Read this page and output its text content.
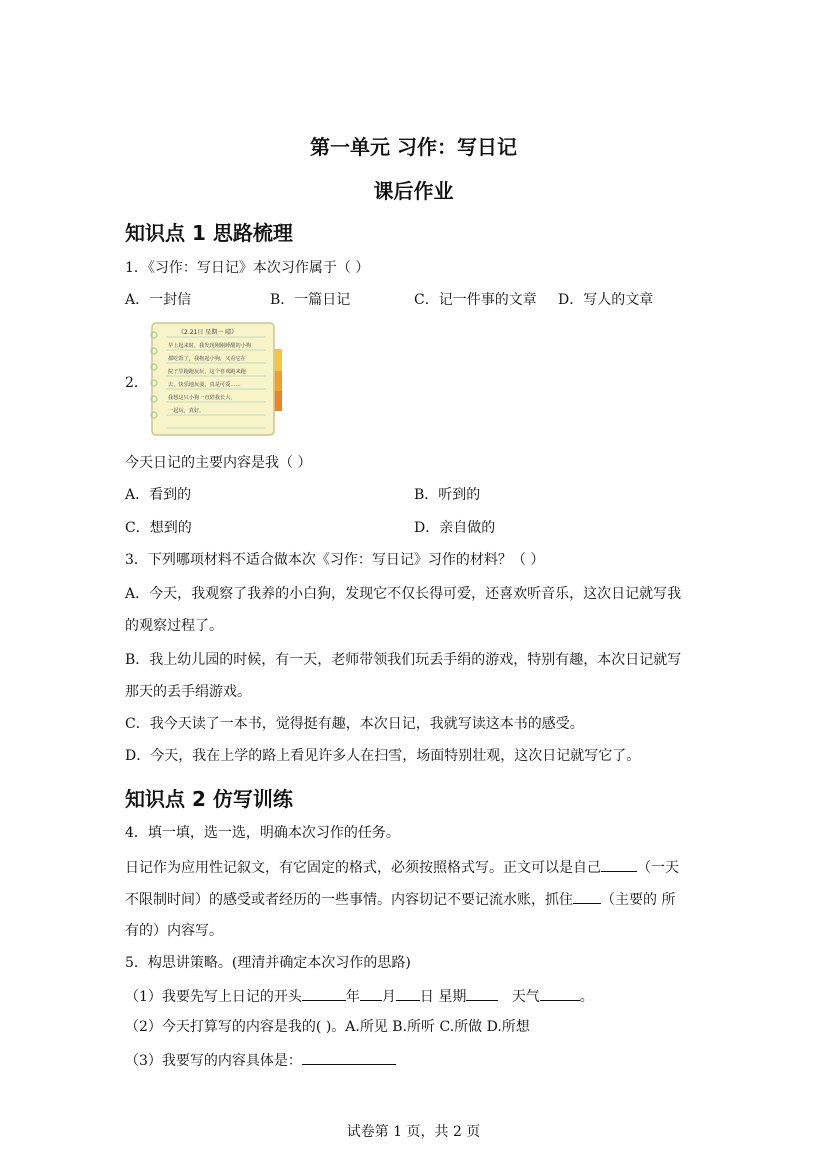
第一单元 习作：写日记
课后作业
知识点 1 思路梳理
1．《习作：写日记》本次习作属于（ ）
A．一封信	B．一篇日记	C．记一件事的文章 D．写人的文章
2．
《2.21日 星期一 晴》
早上起来时，我发现刚刚睡醒的小狗
都吃饭了，我抱起小狗，又看它在
院子里跑跑玩玩，这个喜欢跑来跑
去，快乐地玩耍，真是可爱……
我想这只小狗一直陪我长大，
一起玩，真好。
今天日记的主要内容是我（ ）
A．看到的	B．听到的
C．想到的	D．亲自做的
3．下列哪项材料不适合做本次《习作：写日记》习作的材料？（ ）
A．今天，我观察了我养的小白狗，发现它不仅长得可爱，还喜欢听音乐，这次日记就写我
的观察过程了。
B．我上幼儿园的时候，有一天，老师带领我们玩丢手绢的游戏，特别有趣，本次日记就写
那天的丢手绢游戏。
C．我今天读了一本书，觉得挺有趣，本次日记，我就写读这本书的感受。
D．今天，我在上学的路上看见许多人在扫雪，场面特别壮观，这次日记就写它了。
知识点 2 仿写训练
4．填一填，选一选，明确本次习作的任务。
日记作为应用性记叙文，有它固定的格式，必须按照格式写。正文可以是自己	（一天
不限制时间）的感受或者经历的一些事情。内容切记不要记流水账，抓住 （主要的 所
有的）内容写。
5．构思讲策略。(理清并确定本次习作的思路)
（1）我要先写上日记的开头	年 月 日 星期	天气	。
（2）今天打算写的内容是我的( )。A.所见 B.所听 C.所做 D.所想
（3）我要写的内容具体是：
试卷第 1 页，共 2 页
